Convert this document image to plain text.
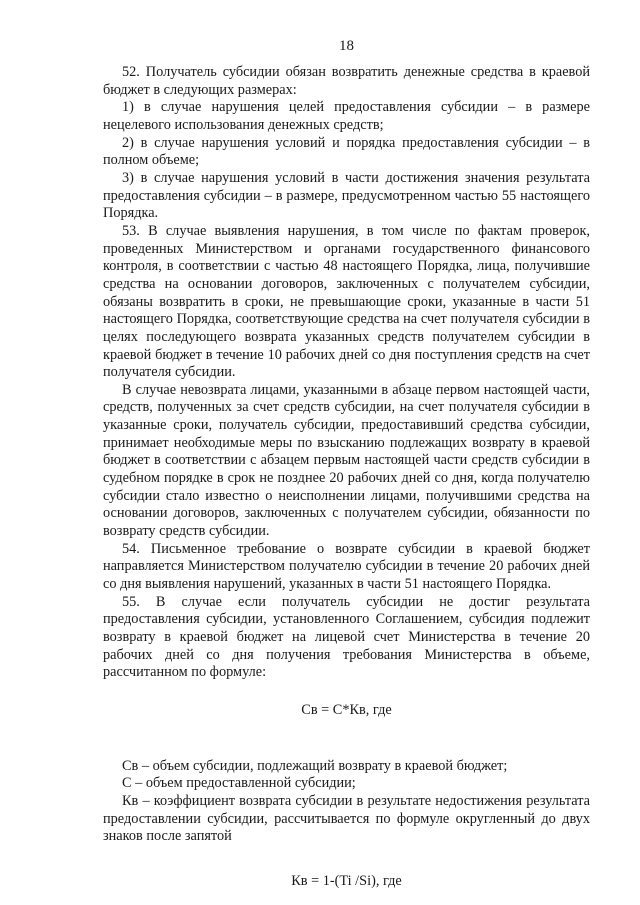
18

52. Получатель субсидии обязан возвратить денежные средства в краевой бюджет в следующих размерах:

1) в случае нарушения целей предоставления субсидии – в размере нецелевого использования денежных средств;

2) в случае нарушения условий и порядка предоставления субсидии – в полном объеме;

3) в случае нарушения условий в части достижения значения результата предоставления субсидии – в размере, предусмотренном частью 55 настоящего Порядка.

53. В случае выявления нарушения, в том числе по фактам проверок, проведенных Министерством и органами государственного финансового контроля, в соответствии с частью 48 настоящего Порядка, лица, получившие средства на основании договоров, заключенных с получателем субсидии, обязаны возвратить в сроки, не превышающие сроки, указанные в части 51 настоящего Порядка, соответствующие средства на счет получателя субсидии в целях последующего возврата указанных средств получателем субсидии в краевой бюджет в течение 10 рабочих дней со дня поступления средств на счет получателя субсидии.

В случае невозврата лицами, указанными в абзаце первом настоящей части, средств, полученных за счет средств субсидии, на счет получателя субсидии в указанные сроки, получатель субсидии, предоставивший средства субсидии, принимает необходимые меры по взысканию подлежащих возврату в краевой бюджет в соответствии с абзацем первым настоящей части средств субсидии в судебном порядке в срок не позднее 20 рабочих дней со дня, когда получателю субсидии стало известно о неисполнении лицами, получившими средства на основании договоров, заключенных с получателем субсидии, обязанности по возврату средств субсидии.

54. Письменное требование о возврате субсидии в краевой бюджет направляется Министерством получателю субсидии в течение 20 рабочих дней со дня выявления нарушений, указанных в части 51 настоящего Порядка.

55. В случае если получатель субсидии не достиг результата предоставления субсидии, установленного Соглашением, субсидия подлежит возврату в краевой бюджет на лицевой счет Министерства в течение 20 рабочих дней со дня получения требования Министерства в объеме, рассчитанном по формуле:

Св = С*Кв, где

Св – объем субсидии, подлежащий возврату в краевой бюджет;

С – объем предоставленной субсидии;

Кв – коэффициент возврата субсидии в результате недостижения результата предоставлении субсидии, рассчитывается по формуле округленный до двух знаков после запятой

Кв = 1-(Ti /Si), где
